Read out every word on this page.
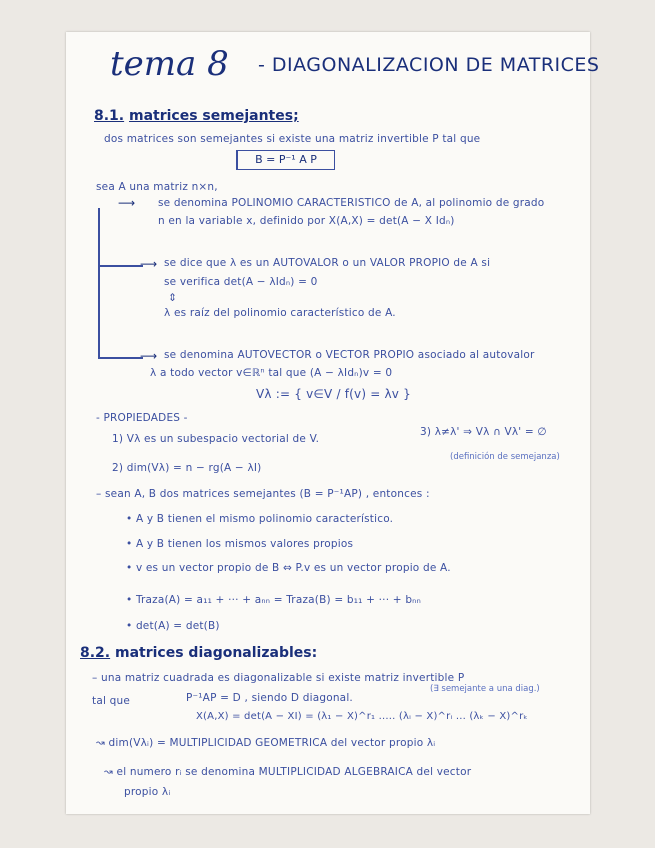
tema 8 - DIAGONALIZACION DE MATRICES
8.1. matrices semejantes;
dos matrices son semejantes si existe una matriz invertible P tal que
B = P⁻¹ A P
sea A una matriz n×n,
⟶ se denomina POLINOMIO CARACTERISTICO de A, al polinomio de grado
n en la variable x, definido por X(A,X) = det(A − X Idₙ)
⟶ se dice que λ es un AUTOVALOR o un VALOR PROPIO de A si
se verifica det(A − λIdₙ) = 0
⇕
λ es raíz del polinomio característico de A.
⟶ se denomina AUTOVECTOR o VECTOR PROPIO asociado al autovalor
λ a todo vector v∈ℝⁿ tal que (A − λIdₙ)v = 0
Vλ := { v∈V / f(v) = λv }
- PROPIEDADES -
1) Vλ es un subespacio vectorial de V.
3) λ≠λ' ⇒ Vλ ∩ Vλ' = ∅
2) dim(Vλ) = n − rg(A − λI)
(definición de semejanza)
– sean A, B dos matrices semejantes (B = P⁻¹AP) , entonces :
• A y B tienen el mismo polinomio característico.
• A y B tienen los mismos valores propios
• v es un vector propio de B ⇔ P.v es un vector propio de A.
• Traza(A) = a₁₁ + ··· + aₙₙ = Traza(B) = b₁₁ + ··· + bₙₙ
• det(A) = det(B)
8.2. matrices diagonalizables:
– una matriz cuadrada es diagonalizable si existe matriz invertible P
tal que	P⁻¹AP = D , siendo D diagonal.
(∃ semejante a una diag.)
X(A,X) = det(A − XI) = (λ₁ − X)^r₁ ..... (λᵢ − X)^rᵢ ... (λₖ − X)^rₖ
↝ dim(Vλᵢ) = MULTIPLICIDAD GEOMETRICA del vector propio λᵢ
↝ el numero rᵢ se denomina MULTIPLICIDAD ALGEBRAICA del vector
propio λᵢ
